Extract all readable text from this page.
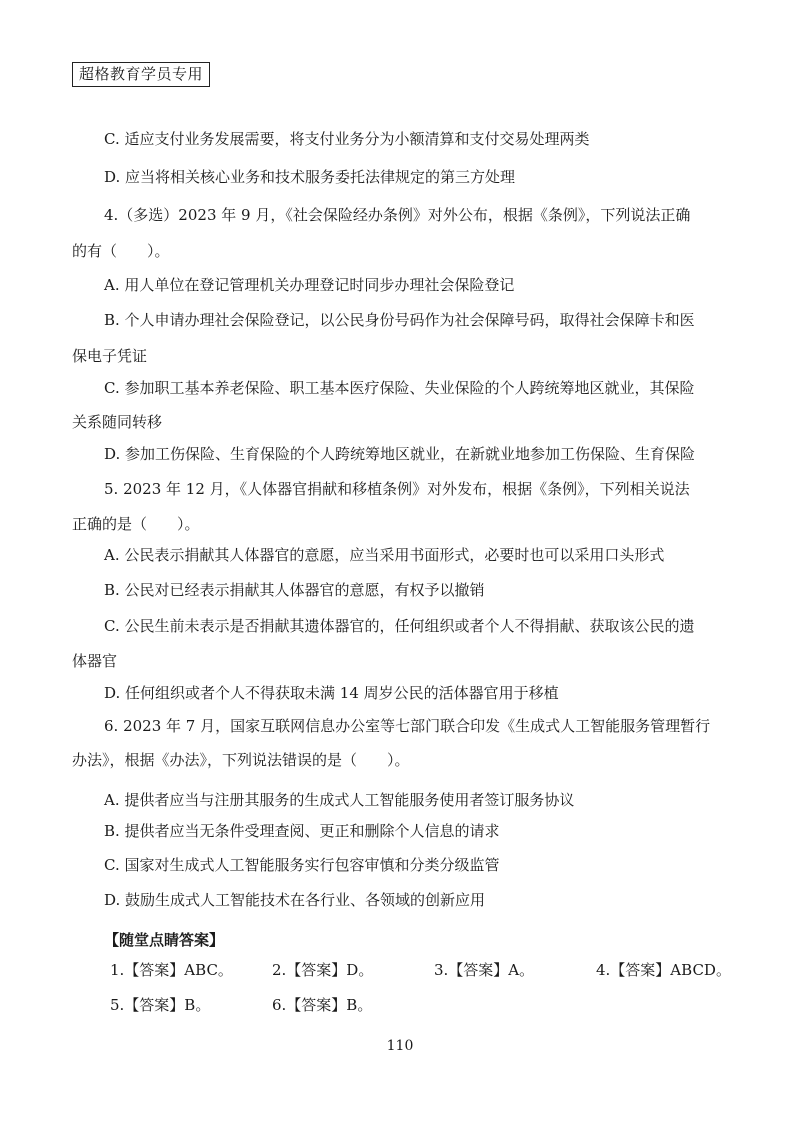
超格教育学员专用
C. 适应支付业务发展需要，将支付业务分为小额清算和支付交易处理两类
D. 应当将相关核心业务和技术服务委托法律规定的第三方处理
4.（多选）2023 年 9 月，《社会保险经办条例》对外公布，根据《条例》，下列说法正确
的有（　　）。
A. 用人单位在登记管理机关办理登记时同步办理社会保险登记
B. 个人申请办理社会保险登记，以公民身份号码作为社会保障号码，取得社会保障卡和医
保电子凭证
C. 参加职工基本养老保险、职工基本医疗保险、失业保险的个人跨统筹地区就业，其保险
关系随同转移
D. 参加工伤保险、生育保险的个人跨统筹地区就业，在新就业地参加工伤保险、生育保险
5. 2023 年 12 月，《人体器官捐献和移植条例》对外发布，根据《条例》，下列相关说法
正确的是（　　）。
A. 公民表示捐献其人体器官的意愿，应当采用书面形式，必要时也可以采用口头形式
B. 公民对已经表示捐献其人体器官的意愿，有权予以撤销
C. 公民生前未表示是否捐献其遗体器官的，任何组织或者个人不得捐献、获取该公民的遗
体器官
D. 任何组织或者个人不得获取未满 14 周岁公民的活体器官用于移植
6. 2023 年 7 月，国家互联网信息办公室等七部门联合印发《生成式人工智能服务管理暂行
办法》，根据《办法》，下列说法错误的是（　　）。
A. 提供者应当与注册其服务的生成式人工智能服务使用者签订服务协议
B. 提供者应当无条件受理查阅、更正和删除个人信息的请求
C. 国家对生成式人工智能服务实行包容审慎和分类分级监管
D. 鼓励生成式人工智能技术在各行业、各领域的创新应用
【随堂点睛答案】
1.【答案】ABC。	2.【答案】D。	3.【答案】A。	4.【答案】ABCD。
5.【答案】B。	6.【答案】B。
110
